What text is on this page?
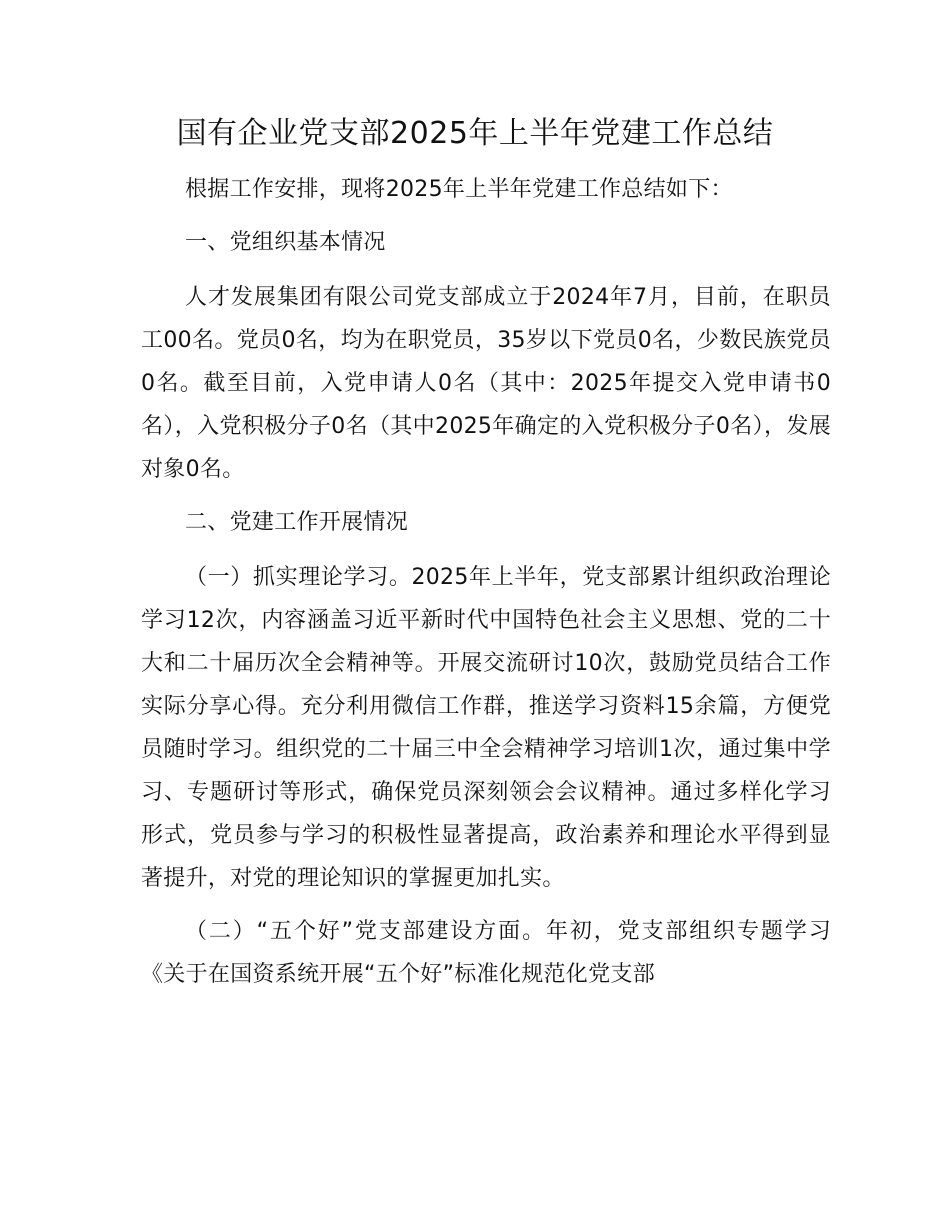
国有企业党支部2025年上半年党建工作总结

根据工作安排，现将2025年上半年党建工作总结如下：

一、党组织基本情况

人才发展集团有限公司党支部成立于2024年7月，目前，在职员工00名。党员0名，均为在职党员，35岁以下党员0名，少数民族党员0名。截至目前，入党申请人0名（其中：2025年提交入党申请书0名），入党积极分子0名（其中2025年确定的入党积极分子0名），发展对象0名。

二、党建工作开展情况

（一）抓实理论学习。2025年上半年，党支部累计组织政治理论学习12次，内容涵盖习近平新时代中国特色社会主义思想、党的二十大和二十届历次全会精神等。开展交流研讨10次，鼓励党员结合工作实际分享心得。充分利用微信工作群，推送学习资料15余篇，方便党员随时学习。组织党的二十届三中全会精神学习培训1次，通过集中学习、专题研讨等形式，确保党员深刻领会会议精神。通过多样化学习形式，党员参与学习的积极性显著提高，政治素养和理论水平得到显著提升，对党的理论知识的掌握更加扎实。

（二）“五个好”党支部建设方面。年初，党支部组织专题学习《关于在国资系统开展“五个好”标准化规范化党支部
